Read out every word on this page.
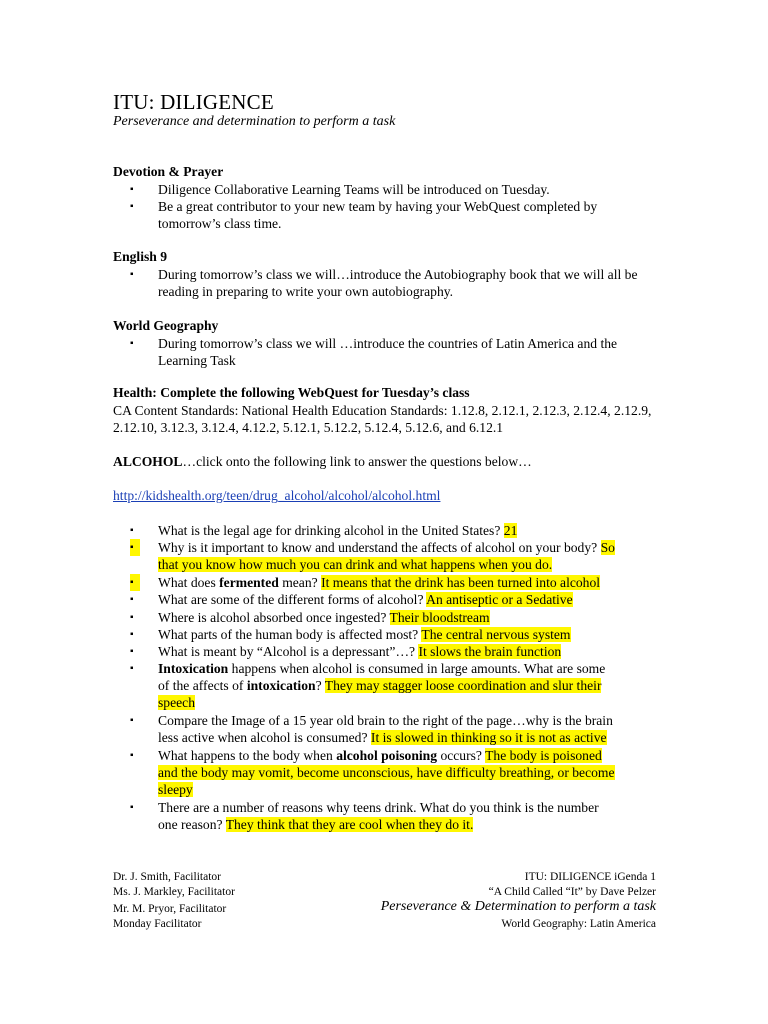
ITU: DILIGENCE
Perseverance and determination to perform a task
Devotion & Prayer
▪	Diligence Collaborative Learning Teams will be introduced on Tuesday.
▪	Be a great contributor to your new team by having your WebQuest completed by tomorrow’s class time.
English 9
▪	During tomorrow’s class we will…introduce the Autobiography book that we will all be reading in preparing to write your own autobiography.
World Geography
▪	During tomorrow’s class we will …introduce the countries of Latin America and the Learning Task
Health: Complete the following WebQuest for Tuesday’s class
CA Content Standards: National Health Education Standards: 1.12.8, 2.12.1, 2.12.3, 2.12.4, 2.12.9, 2.12.10, 3.12.3, 3.12.4, 4.12.2, 5.12.1, 5.12.2, 5.12.4, 5.12.6, and 6.12.1
ALCOHOL…click onto the following link to answer the questions below…
http://kidshealth.org/teen/drug_alcohol/alcohol/alcohol.html
▪	What is the legal age for drinking alcohol in the United States? 21
▪	Why is it important to know and understand the affects of alcohol on your body? So
that you know how much you can drink and what happens when you do.
▪	What does fermented mean? It means that the drink has been turned into alcohol
▪	What are some of the different forms of alcohol? An antiseptic or a Sedative
▪	Where is alcohol absorbed once ingested? Their bloodstream
▪	What parts of the human body is affected most? The central nervous system
▪	What is meant by “Alcohol is a depressant”…? It slows the brain function
▪	Intoxication happens when alcohol is consumed in large amounts. What are some
of the affects of intoxication? They may stagger loose coordination and slur their
speech
▪	Compare the Image of a 15 year old brain to the right of the page…why is the brain
less active when alcohol is consumed? It is slowed in thinking so it is not as active
▪	What happens to the body when alcohol poisoning occurs? The body is poisoned
and the body may vomit, become unconscious, have difficulty breathing, or become
sleepy
▪	There are a number of reasons why teens drink. What do you think is the number
one reason? They think that they are cool when they do it.
Dr. J. Smith, Facilitator
Ms. J. Markley, Facilitator
Mr. M. Pryor, Facilitator
Monday Facilitator
ITU: DILIGENCE iGenda 1
“A Child Called “It” by Dave Pelzer
Perseverance & Determination to perform a task
World Geography: Latin America
